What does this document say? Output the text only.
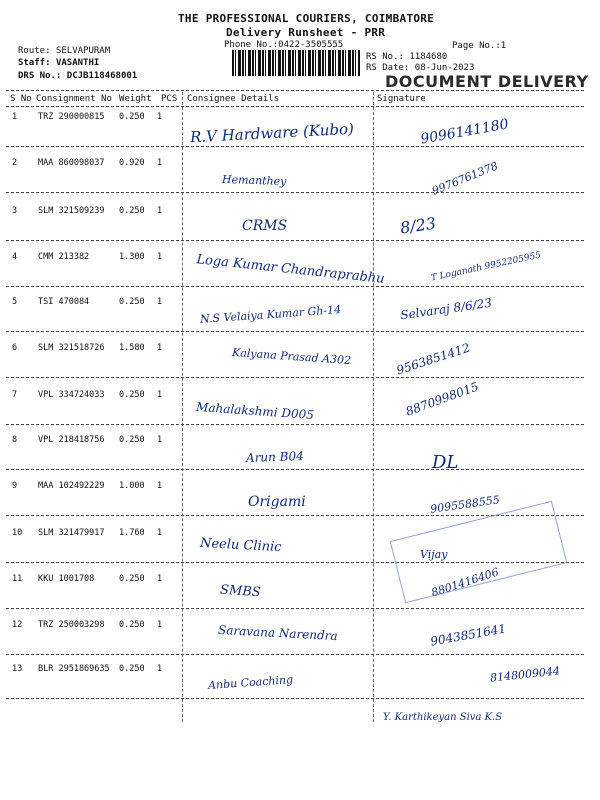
THE PROFESSIONAL COURIERS, COIMBATORE
Delivery Runsheet - PRR
Phone No.:0422-3505555	Page No.:1
Route: SELVAPURAM
Staff: VASANTHI
DRS No.: DCJB118468001
RS No.: 1184680
RS Date: 08-Jun-2023
DOCUMENT DELIVERY
S No Consignment No Weight PCS Consignee Details	Signature
1 TRZ 290000815 0.250 1
R.V Hardware (Kubo)	9096141180
2 MAA 860098037 0.920 1
Hemanthey	9976761378
3 SLM 321509239 0.250 1
CRMS	8/23
4 CMM 213382	1.300 1	Loga Kumar Chandraprabhu	T Loganath 9952205955
5 TSI 470084	0.250 1
N.S Velaiya Kumar Gh-14	Selvaraj 8/6/23
6 SLM 321518726 1.580 1	Kalyana Prasad A302	9563851412
7 VPL 334724033 0.250 1
Mahalakshmi D005	8870998015
8 VPL 218418756 0.250 1
Arun B04	DL
9 MAA 102492229 1.000 1
Origami	9095588555
10 SLM 321479917 1.760 1
Neelu Clinic	Vijay
11 KKU 1001708	0.250 1
SMBS	8801416406
12 TRZ 250003298 0.250 1	Saravana Narendra	9043851641
13 BLR 2951869635 0.250 1
Anbu Coaching	8148009044
Y. Karthikeyan Siva K.S
